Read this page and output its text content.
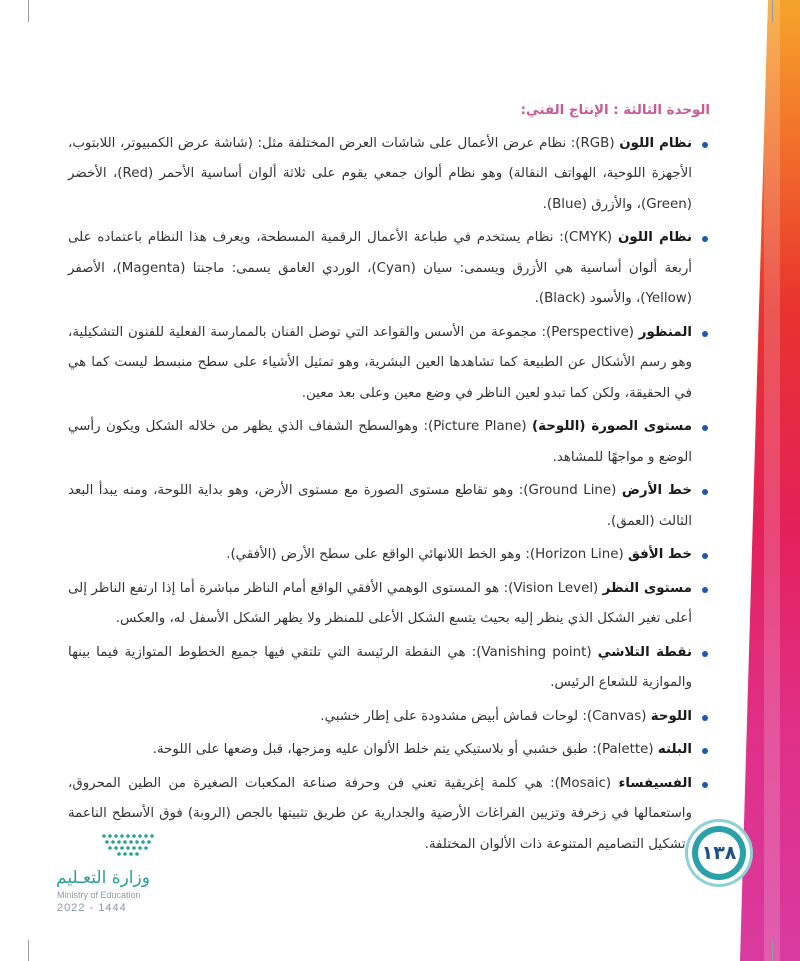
الوحدة الثالثة : الإنتاج الفني:
نظام اللون (RGB): نظام عرض الأعمال على شاشات العرض المختلفة مثل: (شاشة عرض الكمبيوتر، اللابتوب، الأجهزة اللوحية، الهواتف النقالة) وهو نظام ألوان جمعي يقوم على ثلاثة ألوان أساسية الأحمر (Red)، الأخضر (Green)، والأزرق (Blue).
نظام اللون (CMYK): نظام يستخدم في طباعة الأعمال الرقمية المسطحة، ويعرف هذا النظام باعتماده على أربعة ألوان أساسية هي الأزرق ويسمى: سيان (Cyan)، الوردي الغامق يسمى: ماجنتا (Magenta)، الأصفر (Yellow)، والأسود (Black).
المنظور (Perspective): مجموعة من الأسس والقواعد التي توصل الفنان بالممارسة الفعلية للفنون التشكيلية، وهو رسم الأشكال عن الطبيعة كما تشاهدها العين البشرية، وهو تمثيل الأشياء على سطح منبسط ليست كما هي في الحقيقة، ولكن كما تبدو لعين الناظر في وضع معين وعلى بعد معين.
مستوى الصورة (اللوحة) (Picture Plane): وهوالسطح الشفاف الذي يظهر من خلاله الشكل ويكون رأسي الوضع و مواجهًا للمشاهد.
خط الأرض (Ground Line): وهو تقاطع مستوى الصورة مع مستوى الأرض، وهو بداية اللوحة، ومنه يبدأ البعد الثالث (العمق).
خط الأفق (Horizon Line): وهو الخط اللانهائي الواقع على سطح الأرض (الأفقي).
مستوى النظر (Vision Level): هو المستوى الوهمي الأفقي الواقع أمام الناظر مباشرة أما إذا ارتفع الناظر إلى أعلى تغير الشكل الذي ينظر إليه بحيث يتسع الشكل الأعلى للمنظر ولا يظهر الشكل الأسفل له، والعكس.
نقطة التلاشي (Vanishing point): هي النقطة الرئيسة التي تلتقي فيها جميع الخطوط المتوازية فيما بينها والموازية للشعاع الرئيس.
اللوحة (Canvas): لوحات قماش أبيض مشدودة على إطار خشبي.
البلته (Palette): طبق خشبي أو بلاستيكي يتم خلط الألوان عليه ومزجها، قبل وضعها على اللوحة.
الفسيفساء (Mosaic): هي كلمة إغريقية تعني فن وحرفة صناعة المكعبات الصغيرة من الطين المحروق، واستعمالها في زخرفة وتزيين الفراغات الأرضية والجدارية عن طريق تثبيتها بالجص (الروبة) فوق الأسطح الناعمة وتشكيل التصاميم المتنوعة ذات الألوان المختلفة. ١٣٨
وزارة التعـليم
Ministry of Education
2022 - 1444
